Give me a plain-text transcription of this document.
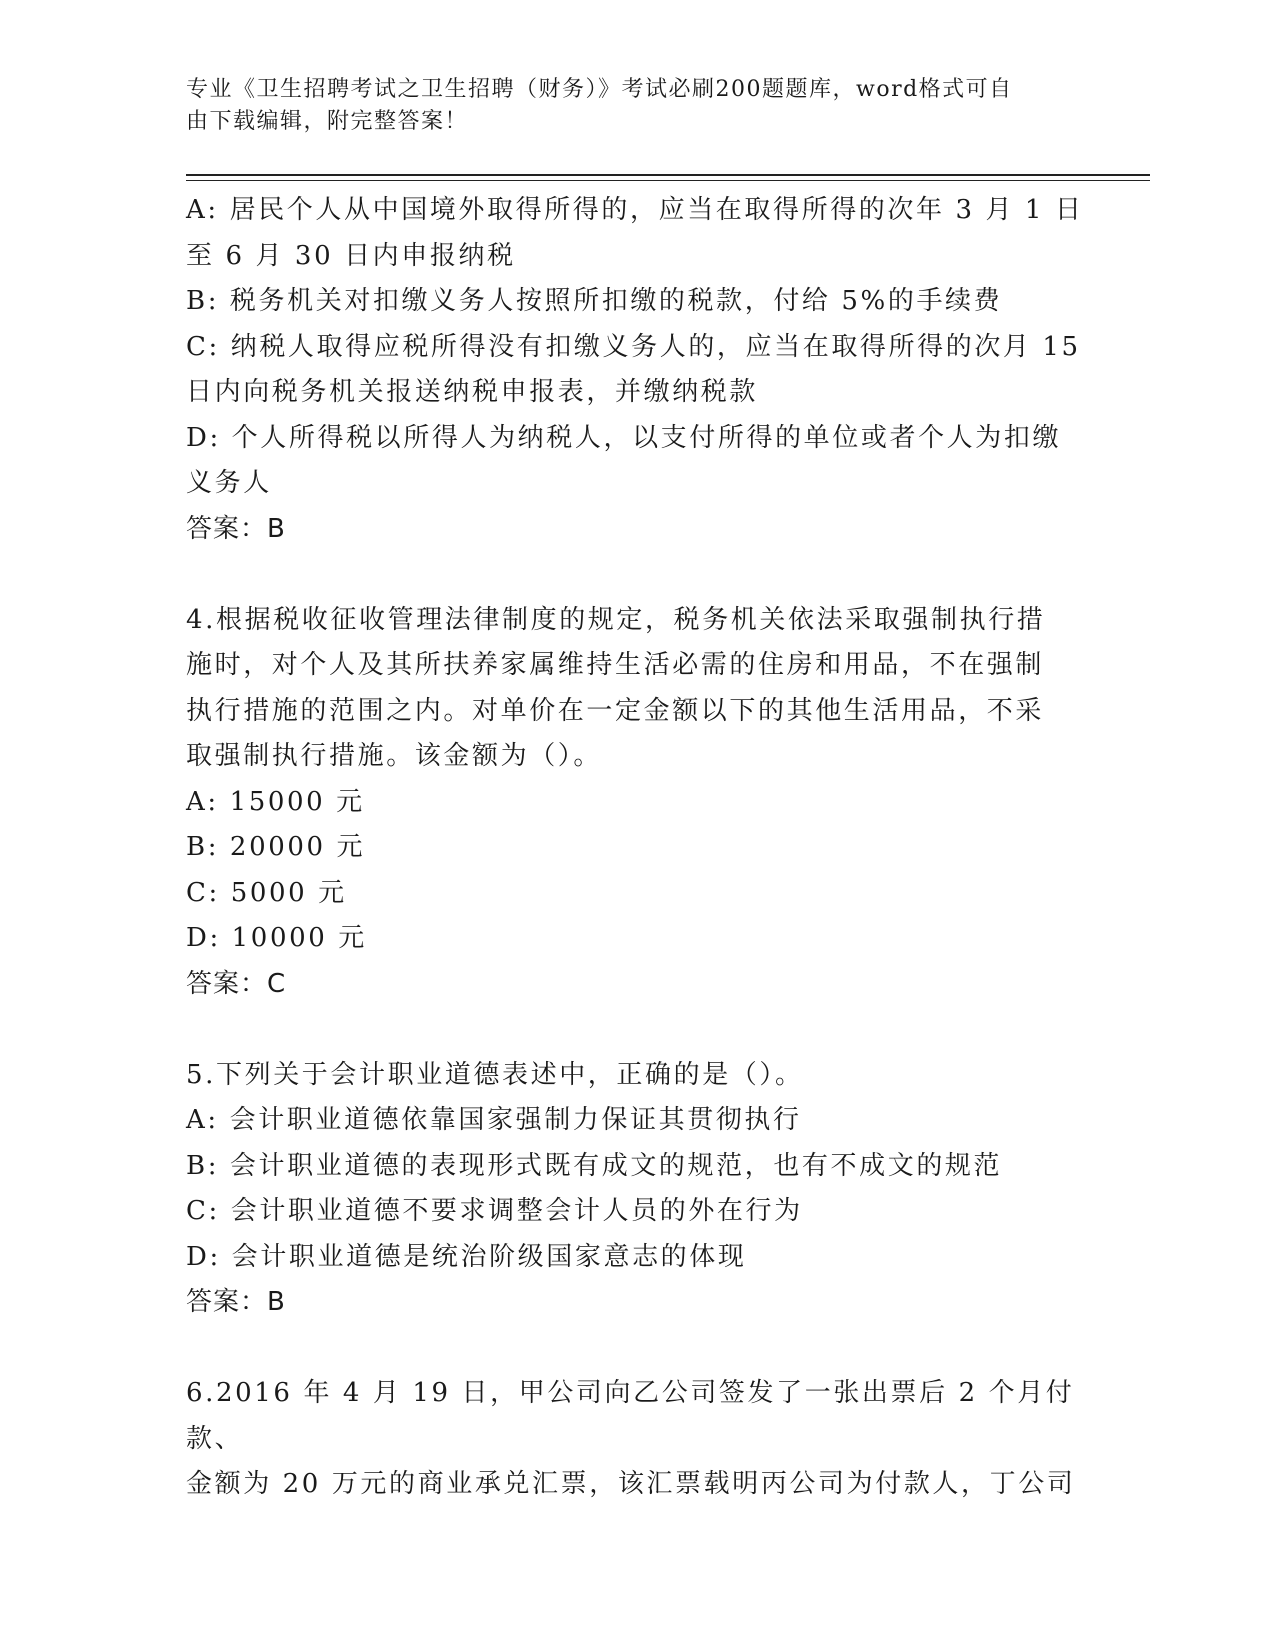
专业《卫生招聘考试之卫生招聘（财务）》考试必刷200题题库，word格式可自
由下载编辑，附完整答案！

A: 居民个人从中国境外取得所得的，应当在取得所得的次年 3 月 1 日

至 6 月 30 日内申报纳税

B: 税务机关对扣缴义务人按照所扣缴的税款，付给 5%的手续费

C: 纳税人取得应税所得没有扣缴义务人的，应当在取得所得的次月 15

日内向税务机关报送纳税申报表，并缴纳税款

D: 个人所得税以所得人为纳税人，以支付所得的单位或者个人为扣缴

义务人

答案：B

4.根据税收征收管理法律制度的规定，税务机关依法采取强制执行措

施时，对个人及其所扶养家属维持生活必需的住房和用品，不在强制

执行措施的范围之内。对单价在一定金额以下的其他生活用品，不采

取强制执行措施。该金额为（）。

A: 15000 元

B: 20000 元

C: 5000 元

D: 10000 元

答案：C

5.下列关于会计职业道德表述中，正确的是（）。

A: 会计职业道德依靠国家强制力保证其贯彻执行

B: 会计职业道德的表现形式既有成文的规范，也有不成文的规范

C: 会计职业道德不要求调整会计人员的外在行为

D: 会计职业道德是统治阶级国家意志的体现

答案：B

6.2016 年 4 月 19 日，甲公司向乙公司签发了一张出票后 2 个月付款、

金额为 20 万元的商业承兑汇票，该汇票载明丙公司为付款人，丁公司
